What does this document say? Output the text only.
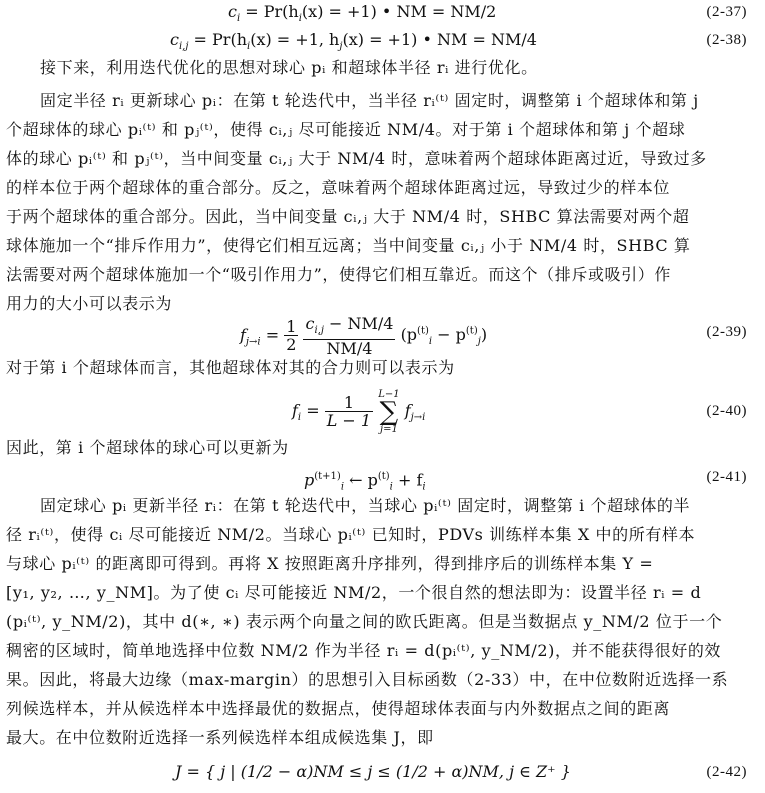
$c_i = Pr(h_i(x) = +1)$ • NM = NM/2	(2-37)
$c_{i,j} = Pr(h_i(x) = +1$, $h_j(x) = +1$) • NM = NM/4	(2-38)
接下来，利用迭代优化的思想对球心 pᵢ 和超球体半径 rᵢ 进行优化。
固定半径 rᵢ 更新球心 pᵢ：在第 t 轮迭代中，当半径 rᵢ⁽ᵗ⁾ 固定时，调整第 i 个超球体和第 j
个超球体的球心 pᵢ⁽ᵗ⁾ 和 pⱼ⁽ᵗ⁾，使得 cᵢ,ⱼ 尽可能接近 NM/4。对于第 i 个超球体和第 j 个超球
体的球心 pᵢ⁽ᵗ⁾ 和 pⱼ⁽ᵗ⁾，当中间变量 cᵢ,ⱼ 大于 NM/4 时，意味着两个超球体距离过近，导致过多
的样本位于两个超球体的重合部分。反之，意味着两个超球体距离过远，导致过少的样本位
于两个超球体的重合部分。因此，当中间变量 cᵢ,ⱼ 大于 NM/4 时，SHBC 算法需要对两个超
球体施加一个“排斥作用力”，使得它们相互远离；当中间变量 cᵢ,ⱼ 小于 NM/4 时，SHBC 算
法需要对两个超球体施加一个“吸引作用力”，使得它们相互靠近。而这个（排斥或吸引）作
用力的大小可以表示为
$f_{j\to i} = \frac{1}{2}$
$\frac{c_{i,j} - NM/4}{NM/4} (p^{(t)}_i - p^{(t)}_j)$	(2-39)
对于第 i 个超球体而言，其他超球体对其的合力则可以表示为
$f_i = \frac{1}{L - 1} L-1$
∑
j=1 $f_{j\to i}$	(2-40)
因此，第 i 个超球体的球心可以更新为
$p^{(t+1)}_i$ ← $p^{(t)}_i + f_i$
(2-41)
固定球心 pᵢ 更新半径 rᵢ：在第 t 轮迭代中，当球心 pᵢ⁽ᵗ⁾ 固定时，调整第 i 个超球体的半
径 rᵢ⁽ᵗ⁾，使得 cᵢ 尽可能接近 NM/2。当球心 pᵢ⁽ᵗ⁾ 已知时，PDVs 训练样本集 X 中的所有样本
与球心 pᵢ⁽ᵗ⁾ 的距离即可得到。再将 X 按照距离升序排列，得到排序后的训练样本集 Y =
[y₁, y₂, …, y_NM]。为了使 cᵢ 尽可能接近 NM/2，一个很自然的想法即为：设置半径 rᵢ = d
(pᵢ⁽ᵗ⁾, y_NM/2)，其中 d(∗, ∗) 表示两个向量之间的欧氏距离。但是当数据点 y_NM/2 位于一个
稠密的区域时，简单地选择中位数 NM/2 作为半径 rᵢ = d(pᵢ⁽ᵗ⁾, y_NM/2)，并不能获得很好的效
果。因此，将最大边缘（max-margin）的思想引入目标函数（2-33）中，在中位数附近选择一系
列候选样本，并从候选样本中选择最优的数据点，使得超球体表面与内外数据点之间的距离
最大。在中位数附近选择一系列候选样本组成候选集 J，即
J = { j | (1/2 − α)NM ≤ j ≤ (1/2 + α)NM, j ∈ Z⁺ }	(2-42)
